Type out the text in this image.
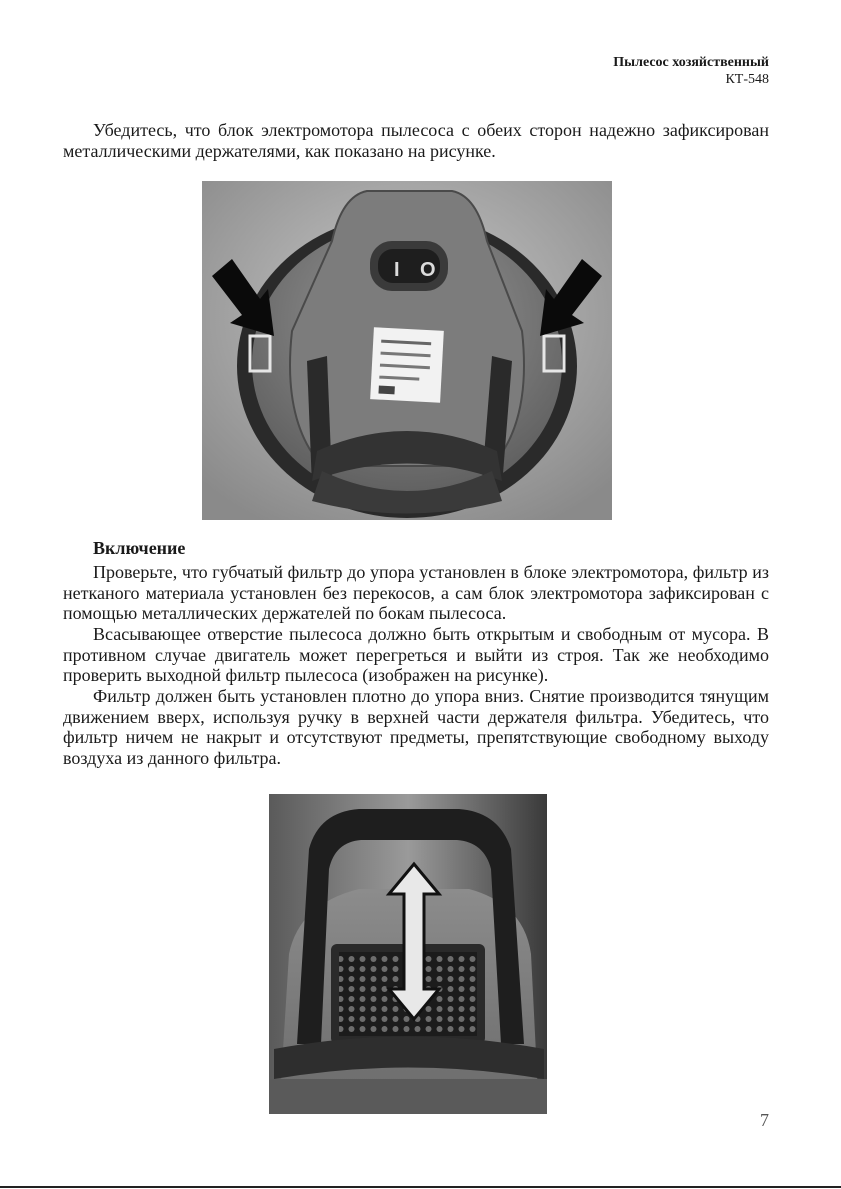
Пылесос хозяйственный
КТ-548

Убедитесь, что блок электромотора пылесоса с обеих сторон надежно зафиксирован металлическими держателями, как показано на рисунке.

I O
Включение

Проверьте, что губчатый фильтр до упора установлен в блоке электромотора, фильтр из нетканого материала установлен без перекосов, а сам блок электромотора зафиксирован с помощью металлических держателей по бокам пылесоса.

Всасывающее отверстие пылесоса должно быть открытым и свободным от мусора. В противном случае двигатель может перегреться и выйти из строя. Так же необходимо проверить выходной фильтр пылесоса (изображен на рисунке).

Фильтр должен быть установлен плотно до упора вниз. Снятие производится тянущим движением вверх, используя ручку в верхней части держателя фильтра. Убедитесь, что фильтр ничем не накрыт и отсутствуют предметы, препятствующие свободному выходу воздуха из данного фильтра.

7
